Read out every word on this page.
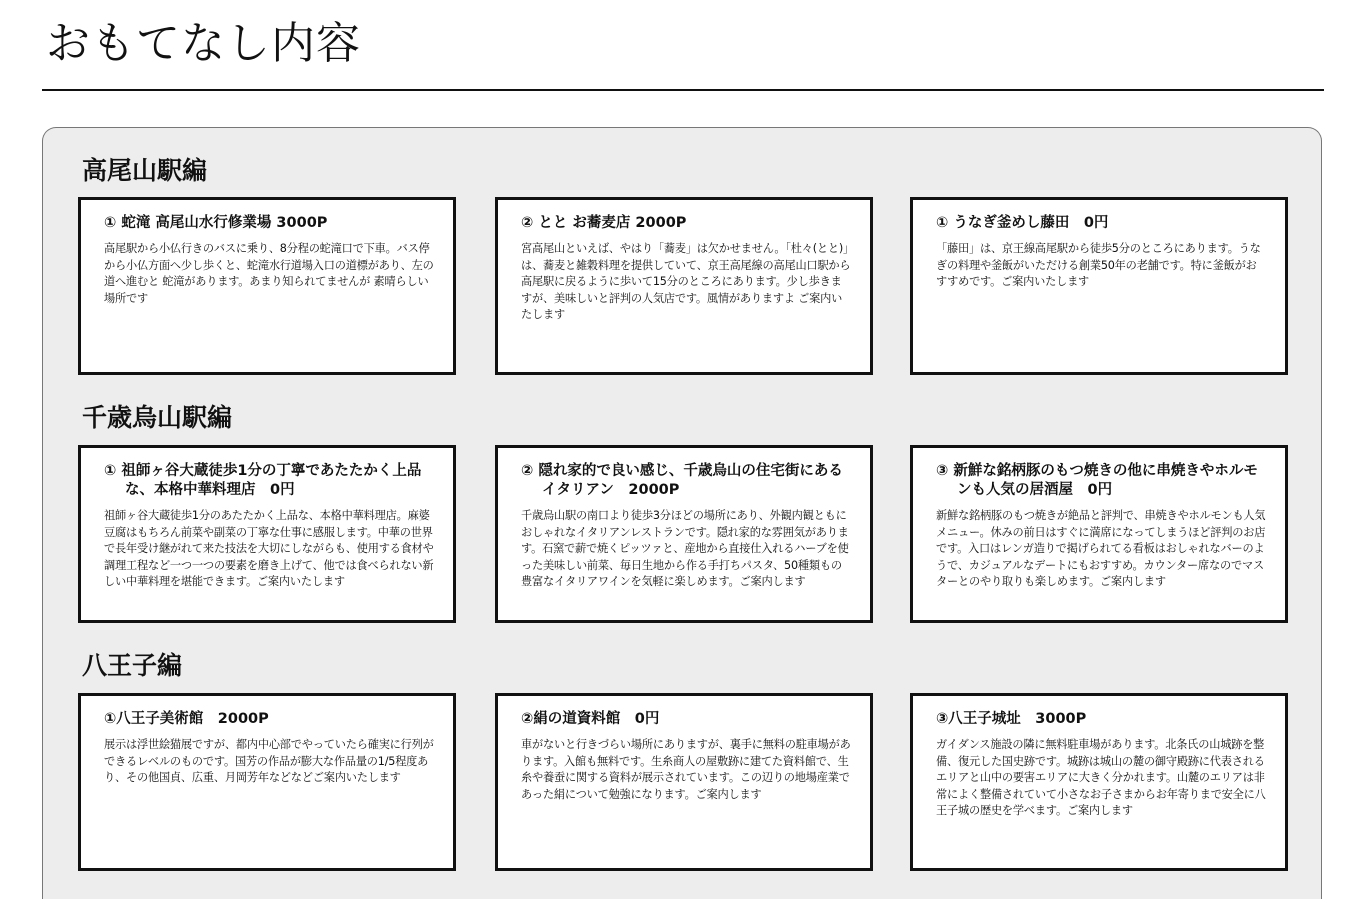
おもてなし内容
高尾山駅編
① 蛇滝 高尾山水行修業場 3000P

高尾駅から小仏行きのバスに乗り、8分程の蛇滝口で下車。バス停から小仏方面へ少し歩くと、蛇滝水行道場入口の道標があり、左の道へ進むと 蛇滝があります。あまり知られてませんが 素晴らしい場所です

② とと お蕎麦店 2000P

宮高尾山といえば、やはり「蕎麦」は欠かせません。「杜々(とと)」は、蕎麦と雑穀料理を提供していて、京王高尾線の高尾山口駅から高尾駅に戻るように歩いて15分のところにあります。少し歩きますが、美味しいと評判の人気店です。風情がありますよ ご案内いたします

① うなぎ釜めし藤田　0円

「藤田」は、京王線高尾駅から徒歩5分のところにあります。うなぎの料理や釜飯がいただける創業50年の老舗です。特に釜飯がおすすめです。ご案内いたします

千歳烏山駅編
① 祖師ヶ谷大蔵徒歩1分の丁寧であたたかく上品な、本格中華料理店　0円

祖師ヶ谷大蔵徒歩1分のあたたかく上品な、本格中華料理店。麻婆豆腐はもちろん前菜や副菜の丁寧な仕事に感服します。中華の世界で長年受け継がれて来た技法を大切にしながらも、使用する食材や調理工程など一つ一つの要素を磨き上げて、他では食べられない新しい中華料理を堪能できます。ご案内いたします

② 隠れ家的で良い感じ、千歳烏山の住宅街にあるイタリアン　2000P

千歳烏山駅の南口より徒歩3分ほどの場所にあり、外観内観ともにおしゃれなイタリアンレストランです。隠れ家的な雰囲気があります。石窯で薪で焼くピッツァと、産地から直接仕入れるハーブを使った美味しい前菜、毎日生地から作る手打ちパスタ、50種類もの豊富なイタリアワインを気軽に楽しめます。ご案内します

③ 新鮮な銘柄豚のもつ焼きの他に串焼きやホルモンも人気の居酒屋　0円

新鮮な銘柄豚のもつ焼きが絶品と評判で、串焼きやホルモンも人気メニュー。休みの前日はすぐに満席になってしまうほど評判のお店です。入口はレンガ造りで掲げられてる看板はおしゃれなバーのようで、カジュアルなデートにもおすすめ。カウンター席なのでマスターとのやり取りも楽しめます。ご案内します

八王子編
①八王子美術館　2000P

展示は浮世絵猫展ですが、都内中心部でやっていたら確実に行列ができるレベルのものです。国芳の作品が膨大な作品量の1/5程度あり、その他国貞、広重、月岡芳年などなどご案内いたします

②絹の道資料館　0円

車がないと行きづらい場所にありますが、裏手に無料の駐車場があります。入館も無料です。生糸商人の屋敷跡に建てた資料館で、生糸や養蚕に関する資料が展示されています。この辺りの地場産業であった絹について勉強になります。ご案内します

③八王子城址　3000P

ガイダンス施設の隣に無料駐車場があります。北条氏の山城跡を整備、復元した国史跡です。城跡は城山の麓の御守殿跡に代表されるエリアと山中の要害エリアに大きく分かれます。山麓のエリアは非常によく整備されていて小さなお子さまからお年寄りまで安全に八王子城の歴史を学べます。ご案内します
